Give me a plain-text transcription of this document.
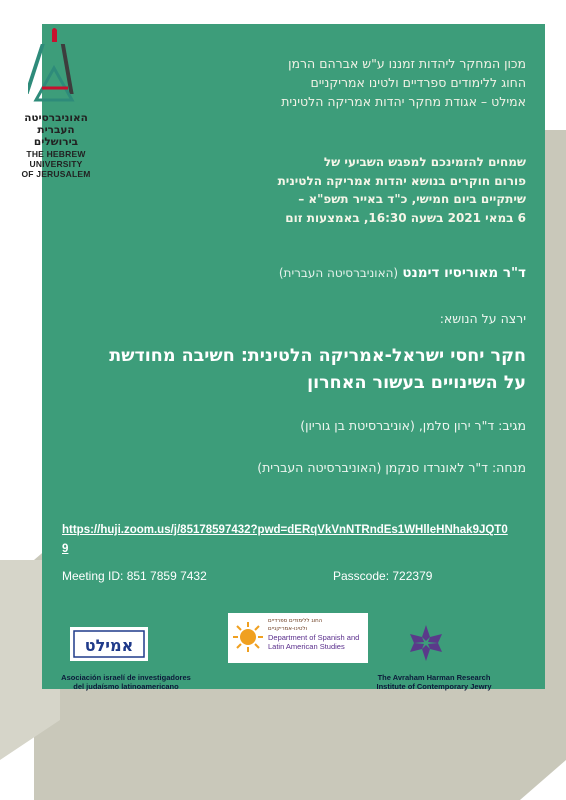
האוניברסיטה
העברית
בירושלים
THE HEBREW
UNIVERSITY
OF JERUSALEM
מכון המחקר ליהדות זמננו ע"ש אברהם הרמן
החוג ללימודים ספרדיים ולטינו אמריקניים
אמילט – אגודת מחקר יהדות אמריקה הלטינית
שמחים להזמינכם למפגש השביעי של
פורום חוקרים בנושא יהדות אמריקה הלטינית
שיתקיים ביום חמישי, כ"ד באייר תשפ"א –
6 במאי 2021 בשעה 16:30, באמצעות זום
ד"ר מאוריסיו דימנט (האוניברסיטה העברית)
ירצה על הנושא:
חקר יחסי ישראל-אמריקה הלטינית: חשיבה מחודשת
על השינויים בעשור האחרון
מגיב: ד"ר ירון סלמן, (אוניברסיטת בן גוריון)
מנחה: ד"ר לאונרדו סנקמן (האוניברסיטה העברית)
https://huji.zoom.us/j/85178597432?pwd=dERqVkVnNTRndEs1WHlleHNhak9JQT09
Meeting ID: 851 7859 7432	Passcode: 722379
אמילט
החוג ללימודים ספרדיים
ולטינו-אמריקניים
Department of Spanish and
Latin American Studies
Asociación israelí de investigadores
del judaísmo latinoamericano
The Avraham Harman Research
Institute of Contemporary Jewry
